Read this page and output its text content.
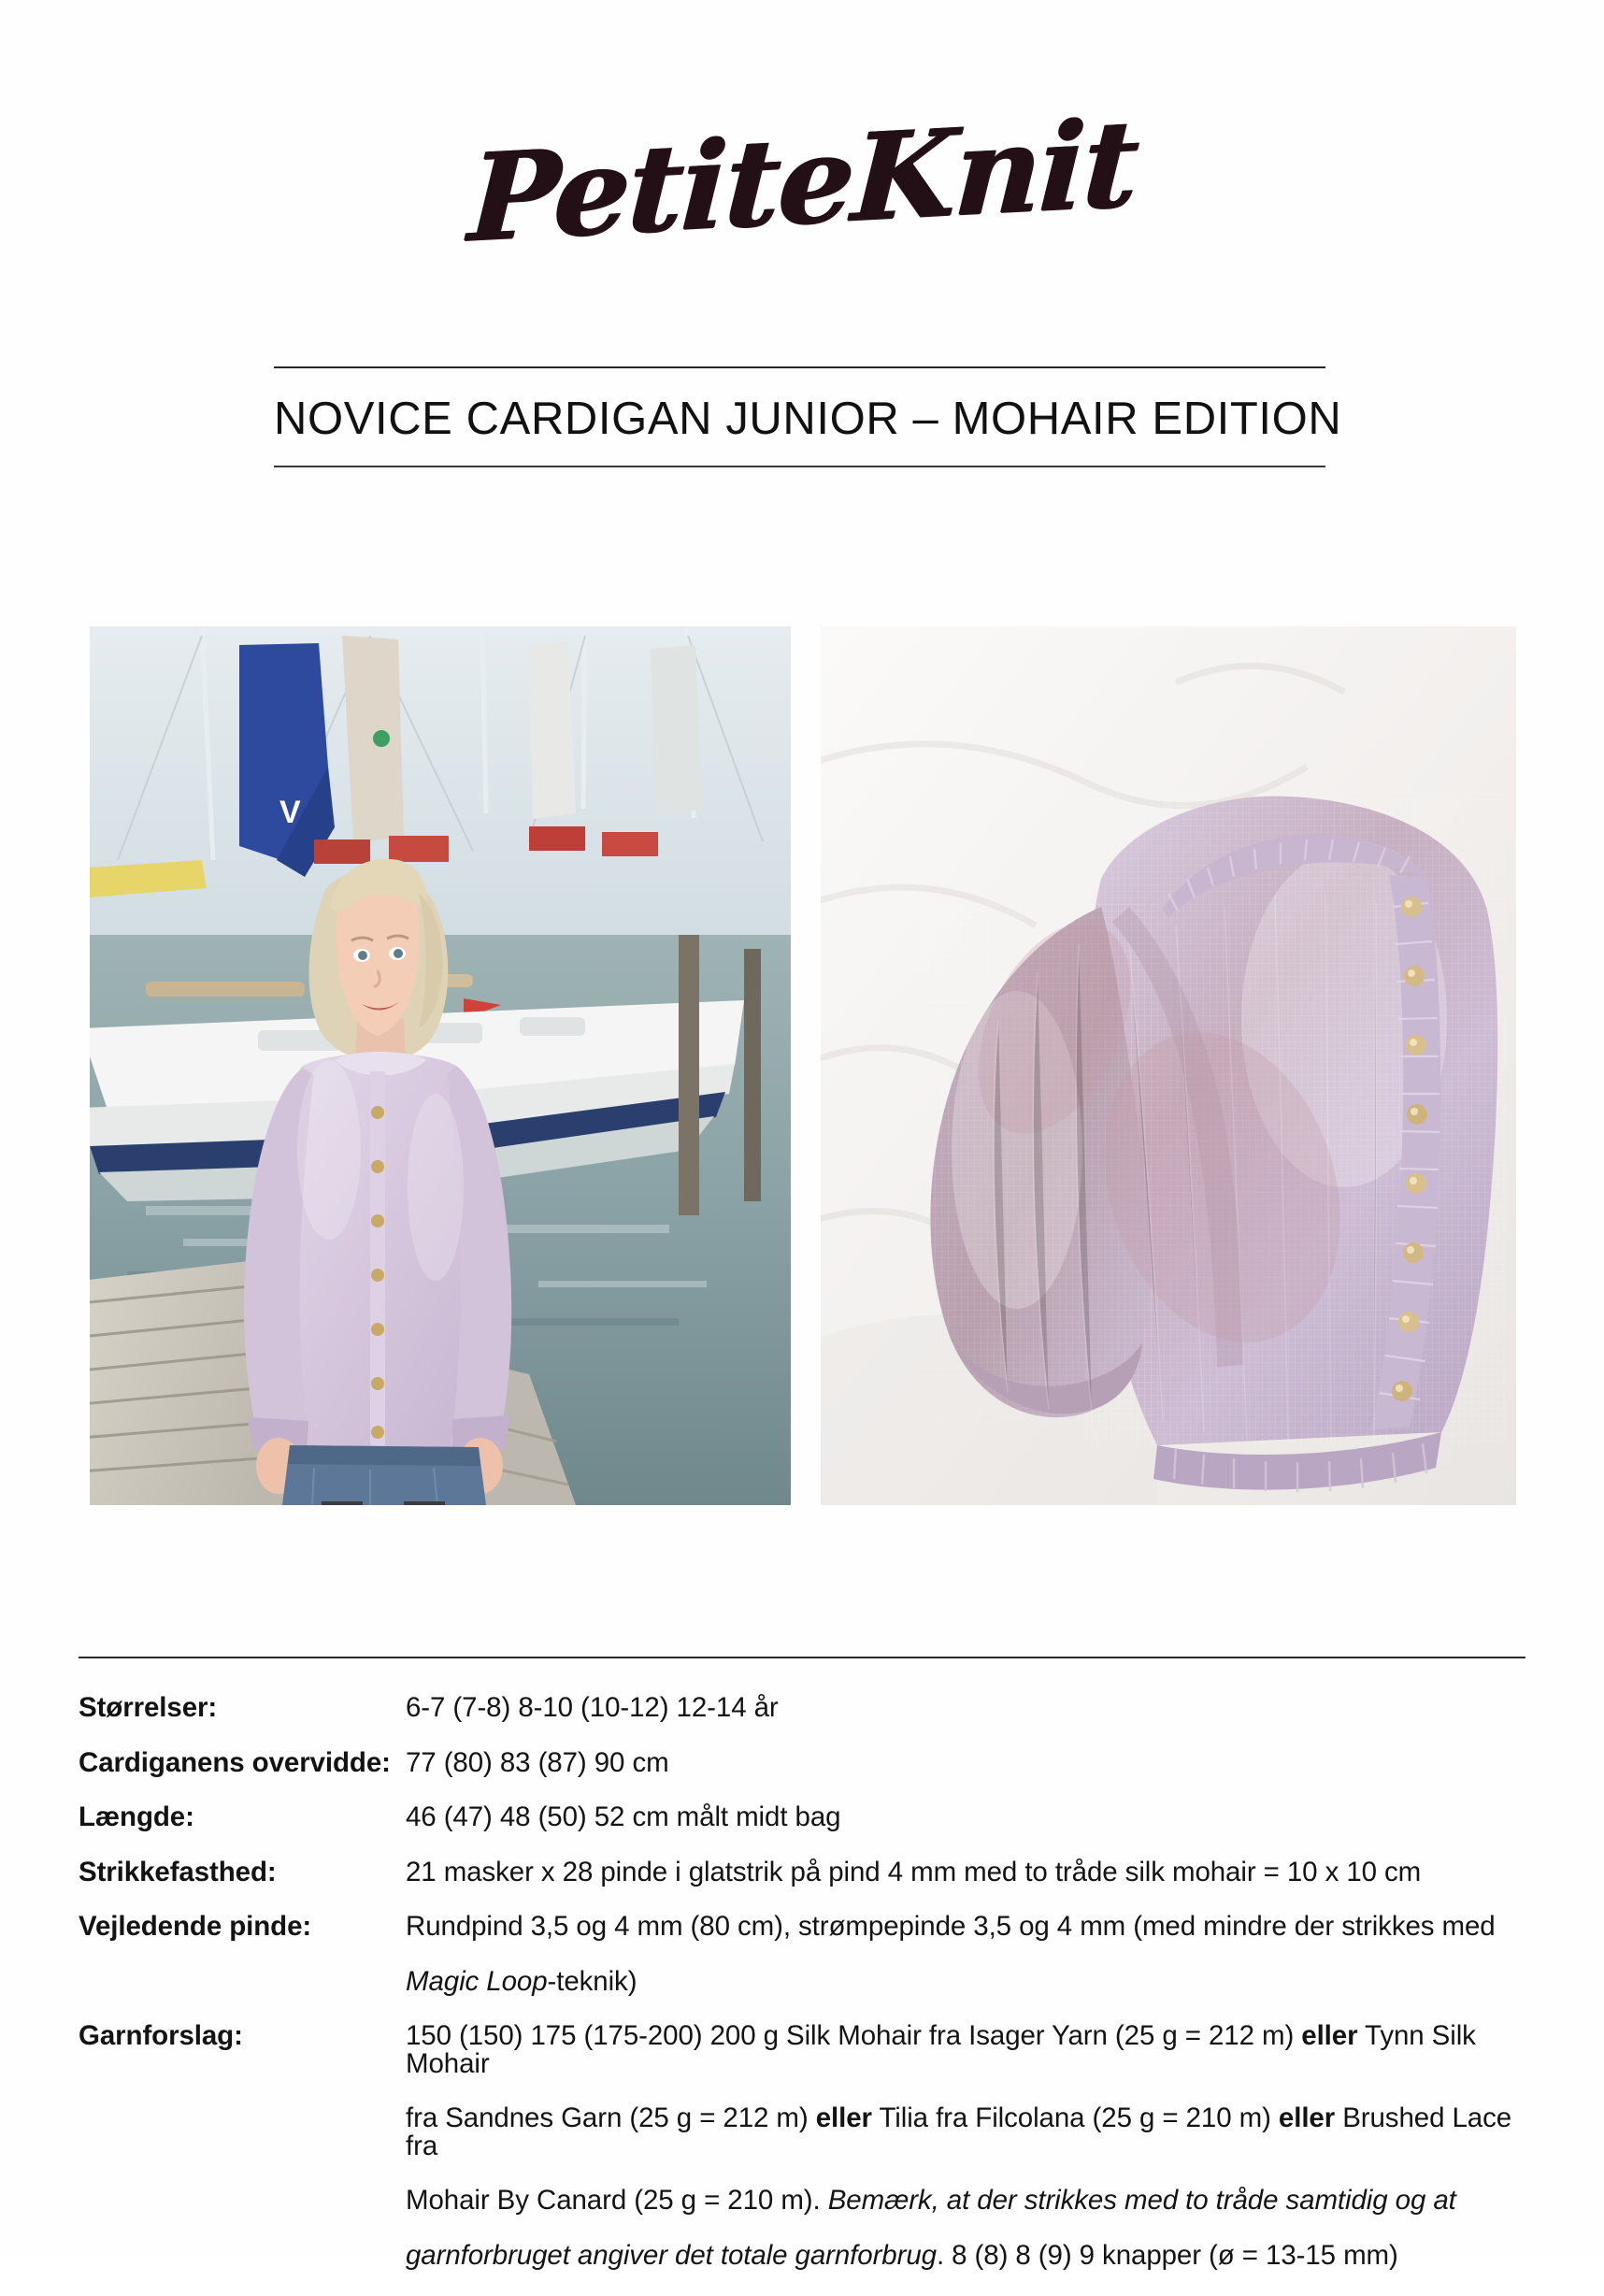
PetiteKnit
NOVICE CARDIGAN JUNIOR – MOHAIR EDITION
V
Størrelser:	6-7 (7-8) 8-10 (10-12) 12-14 år
Cardiganens overvidde: 77 (80) 83 (87) 90 cm
Længde:	46 (47) 48 (50) 52 cm målt midt bag
Strikkefasthed:	21 masker x 28 pinde i glatstrik på pind 4 mm med to tråde silk mohair = 10 x 10 cm
Vejledende pinde:	Rundpind 3,5 og 4 mm (80 cm), strømpepinde 3,5 og 4 mm (med mindre der strikkes med
Magic Loop-teknik)
Garnforslag:	150 (150) 175 (175-200) 200 g Silk Mohair fra Isager Yarn (25 g = 212 m) eller Tynn Silk Mohair
fra Sandnes Garn (25 g = 212 m) eller Tilia fra Filcolana (25 g = 210 m) eller Brushed Lace fra
Mohair By Canard (25 g = 210 m). Bemærk, at der strikkes med to tråde samtidig og at
garnforbruget angiver det totale garnforbrug. 8 (8) 8 (9) 9 knapper (ø = 13-15 mm)
